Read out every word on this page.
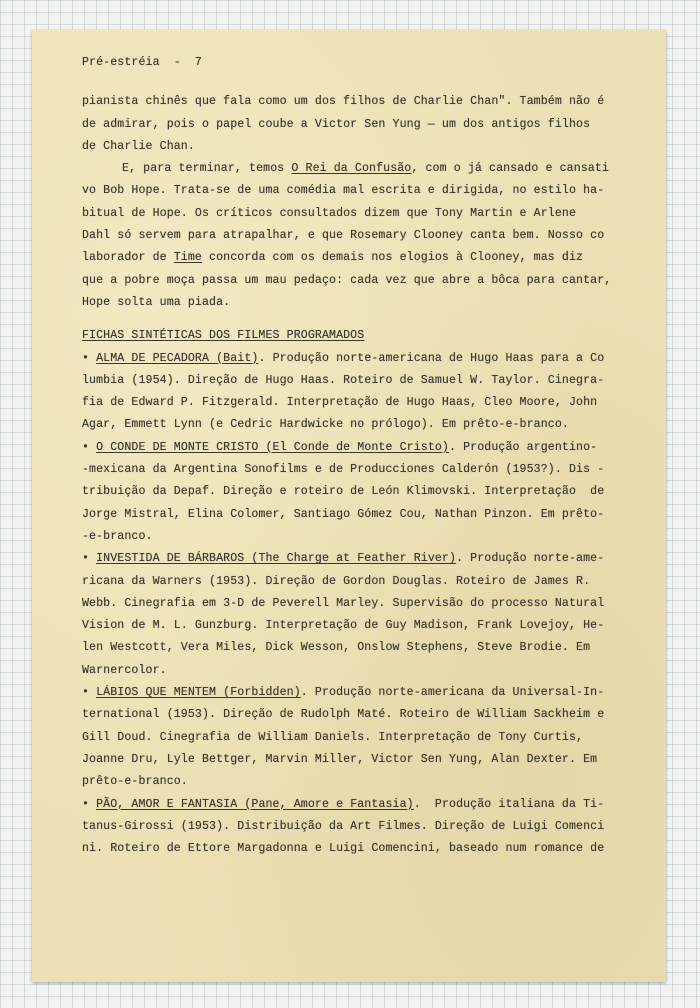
Pré-estréia  -  7
pianista chinês que fala como um dos filhos de Charlie Chan". Também não é
de admirar, pois o papel coube a Victor Sen Yung — um dos antigos filhos
de Charlie Chan.
E, para terminar, temos O Rei da Confusão, com o já cansado e cansati
vo Bob Hope. Trata-se de uma comédia mal escrita e dirigida, no estilo ha-
bitual de Hope. Os críticos consultados dizem que Tony Martin e Arlene
Dahl só servem para atrapalhar, e que Rosemary Clooney canta bem. Nosso co
laborador de Time concorda com os demais nos elogios à Clooney, mas diz
que a pobre moça passa um mau pedaço: cada vez que abre a bôca para cantar,
Hope solta uma piada.
FICHAS SINTÉTICAS DOS FILMES PROGRAMADOS
• ALMA DE PECADORA (Bait). Produção norte-americana de Hugo Haas para a Co
lumbia (1954). Direção de Hugo Haas. Roteiro de Samuel W. Taylor. Cinegra-
fia de Edward P. Fitzgerald. Interpretação de Hugo Haas, Cleo Moore, John
Agar, Emmett Lynn (e Cedric Hardwicke no prólogo). Em prêto-e-branco.
• O CONDE DE MONTE CRISTO (El Conde de Monte Cristo). Produção argentino-
-mexicana da Argentina Sonofilms e de Producciones Calderón (1953?). Dis -
tribuição da Depaf. Direção e roteiro de León Klimovski. Interpretação  de
Jorge Mistral, Elina Colomer, Santiago Gómez Cou, Nathan Pinzon. Em prêto-
-e-branco.
• INVESTIDA DE BÁRBAROS (The Charge at Feather River). Produção norte-ame-
ricana da Warners (1953). Direção de Gordon Douglas. Roteiro de James R.
Webb. Cinegrafia em 3-D de Peverell Marley. Supervisão do processo Natural
Vision de M. L. Gunzburg. Interpretação de Guy Madison, Frank Lovejoy, He-
len Westcott, Vera Miles, Dick Wesson, Onslow Stephens, Steve Brodie. Em
Warnercolor.
• LÁBIOS QUE MENTEM (Forbidden). Produção norte-americana da Universal-In-
ternational (1953). Direção de Rudolph Maté. Roteiro de William Sackheim e
Gill Doud. Cinegrafia de William Daniels. Interpretação de Tony Curtis,
Joanne Dru, Lyle Bettger, Marvin Miller, Victor Sen Yung, Alan Dexter. Em
prêto-e-branco.
• PÃO, AMOR E FANTASIA (Pane, Amore e Fantasia).  Produção italiana da Ti-
tanus-Girossi (1953). Distribuição da Art Filmes. Direção de Luigi Comenci
ni. Roteiro de Ettore Margadonna e Luigi Comencini, baseado num romance de
